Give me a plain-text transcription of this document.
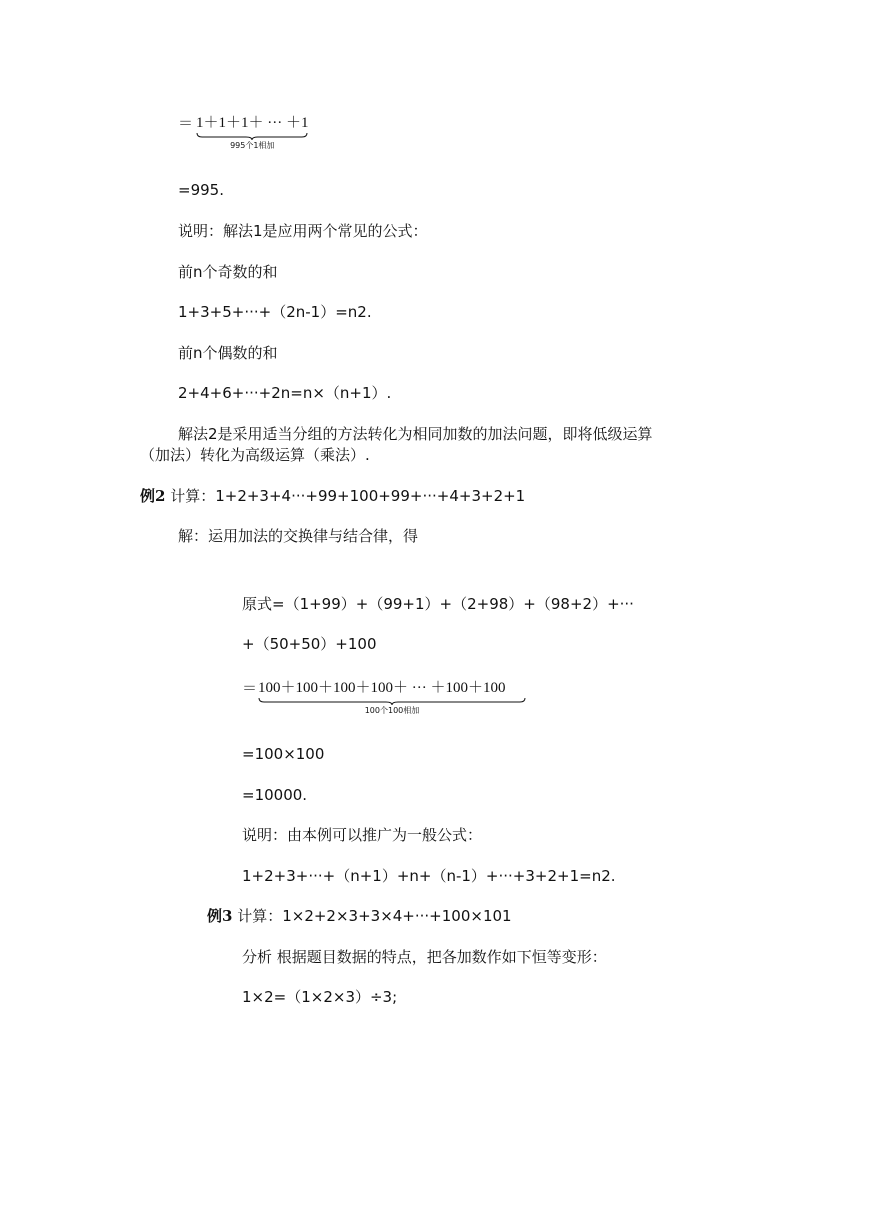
＝ 1＋1＋1＋ ··· ＋1
995个1相加
=995.
说明：解法1是应用两个常见的公式：
前n个奇数的和
1+3+5+···+（2n-1）=n2.
前n个偶数的和
2+4+6+···+2n=n×（n+1）.
解法2是采用适当分组的方法转化为相同加数的加法问题，即将低级运算
（加法）转化为高级运算（乘法）.
例2 计算：1+2+3+4···+99+100+99+···+4+3+2+1
解：运用加法的交换律与结合律，得
原式=（1+99）+（99+1）+（2+98）+（98+2）+···
+（50+50）+100
＝ 100＋100＋100＋100＋ ··· ＋100＋100
100个100相加
=100×100
=10000.
说明：由本例可以推广为一般公式：
1+2+3+···+（n+1）+n+（n-1）+···+3+2+1=n2.
例3 计算：1×2+2×3+3×4+···+100×101
分析 根据题目数据的特点，把各加数作如下恒等变形：
1×2=（1×2×3）÷3;
